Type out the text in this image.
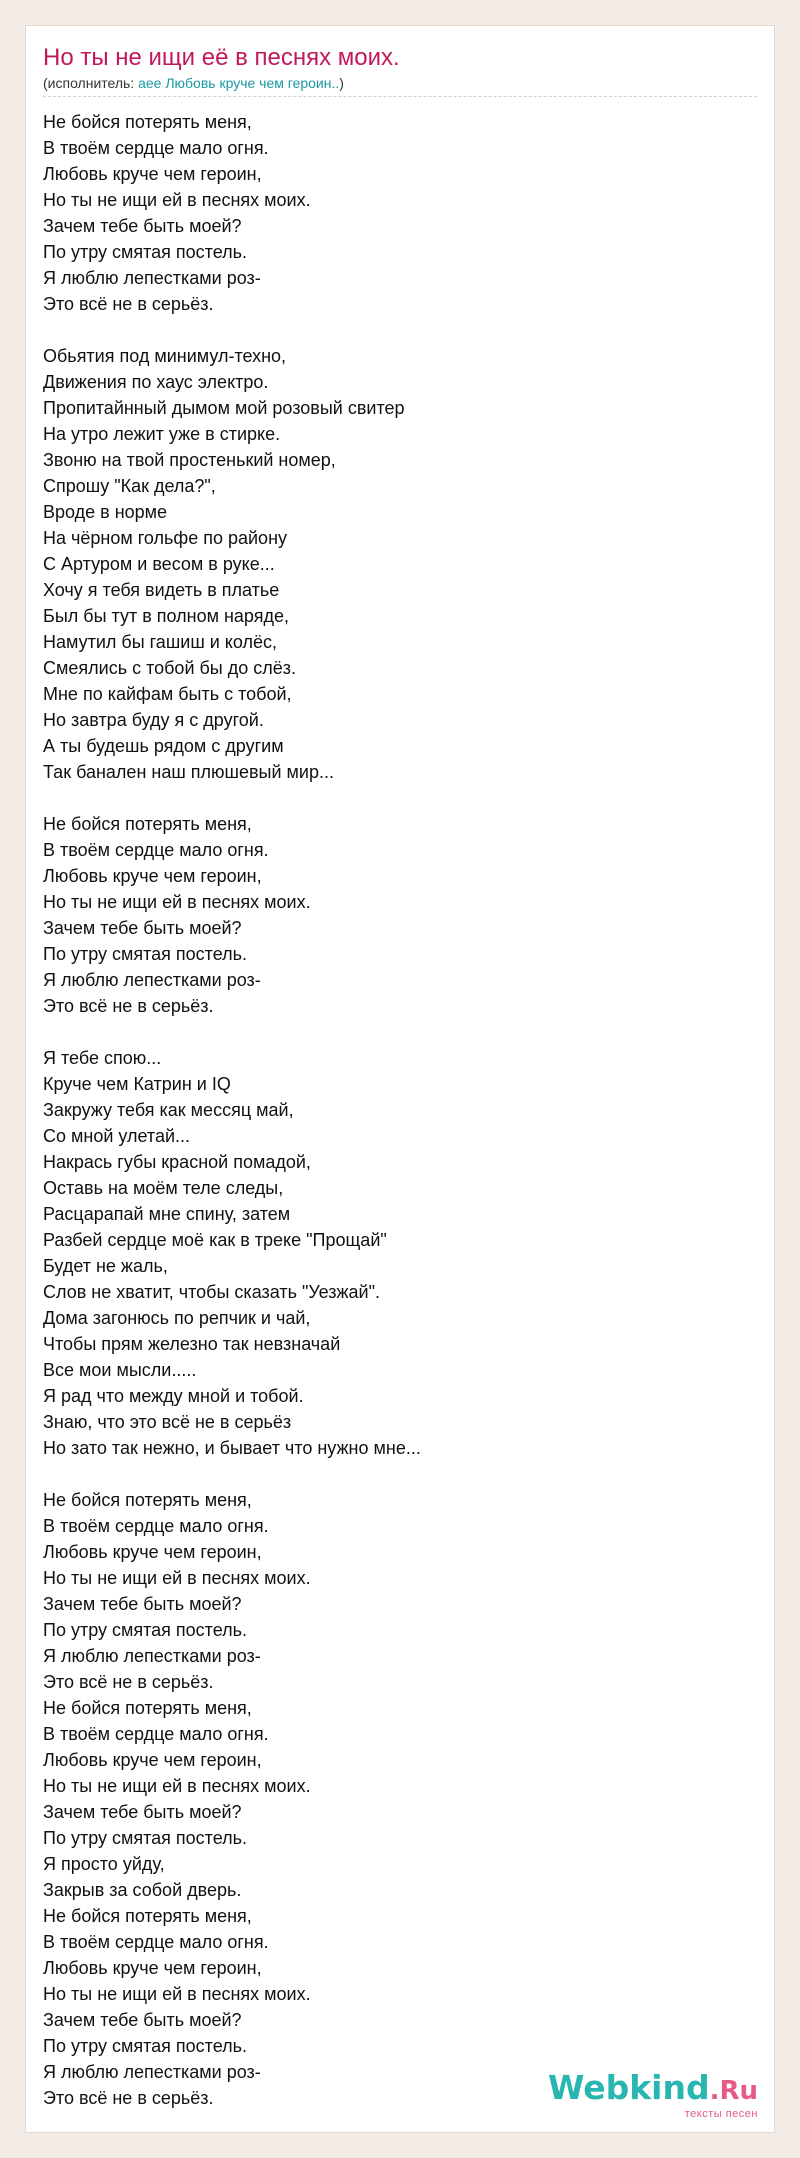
Но ты не ищи её в песнях моих.
(исполнитель: аее Любовь круче чем героин..)
Не бойся потерять меня,
В твоём сердце мало огня.
Любовь круче чем героин,
Но ты не ищи ей в песнях моих.
Зачем тебе быть моей?
По утру смятая постель.
Я люблю лепестками роз-
Это всё не в серьёз.
Обьятия под минимул-техно,
Движения по хаус электро.
Пропитайнный дымом мой розовый свитер
На утро лежит уже в стирке.
Звоню на твой простенький номер,
Спрошу "Как дела?",
Вроде в норме
На чёрном гольфе по району
С Артуром и весом в руке...
Хочу я тебя видеть в платье
Был бы тут в полном наряде,
Намутил бы гашиш и колёс,
Смеялись с тобой бы до слёз.
Мне по кайфам быть с тобой,
Но завтра буду я с другой.
А ты будешь рядом с другим
Так банален наш плюшевый мир...
Не бойся потерять меня,
В твоём сердце мало огня.
Любовь круче чем героин,
Но ты не ищи ей в песнях моих.
Зачем тебе быть моей?
По утру смятая постель.
Я люблю лепестками роз-
Это всё не в серьёз.
Я тебе спою...
Круче чем Катрин и IQ
Закружу тебя как месcяц май,
Со мной улетай...
Накрась губы красной помадой,
Оставь на моём теле следы,
Расцарапай мне спину, затем
Разбей сердце моё как в треке "Прощай"
Будет не жаль,
Слов не хватит, чтобы сказать "Уезжай".
Дома загонюсь по репчик и чай,
Чтобы прям железно так невзначай
Все мои мысли.....
Я рад что между мной и тобой.
Знаю, что это всё не в серьёз
Но зато так нежно, и бывает что нужно мне...
Не бойся потерять меня,
В твоём сердце мало огня.
Любовь круче чем героин,
Но ты не ищи ей в песнях моих.
Зачем тебе быть моей?
По утру смятая постель.
Я люблю лепестками роз-
Это всё не в серьёз.
Не бойся потерять меня,
В твоём сердце мало огня.
Любовь круче чем героин,
Но ты не ищи ей в песнях моих.
Зачем тебе быть моей?
По утру смятая постель.
Я просто уйду,
Закрыв за собой дверь.
Не бойся потерять меня,
В твоём сердце мало огня.
Любовь круче чем героин,
Но ты не ищи ей в песнях моих.
Зачем тебе быть моей?
По утру смятая постель.
Я люблю лепестками роз-
Это всё не в серьёз.	Webkind.Ru
тексты песен
